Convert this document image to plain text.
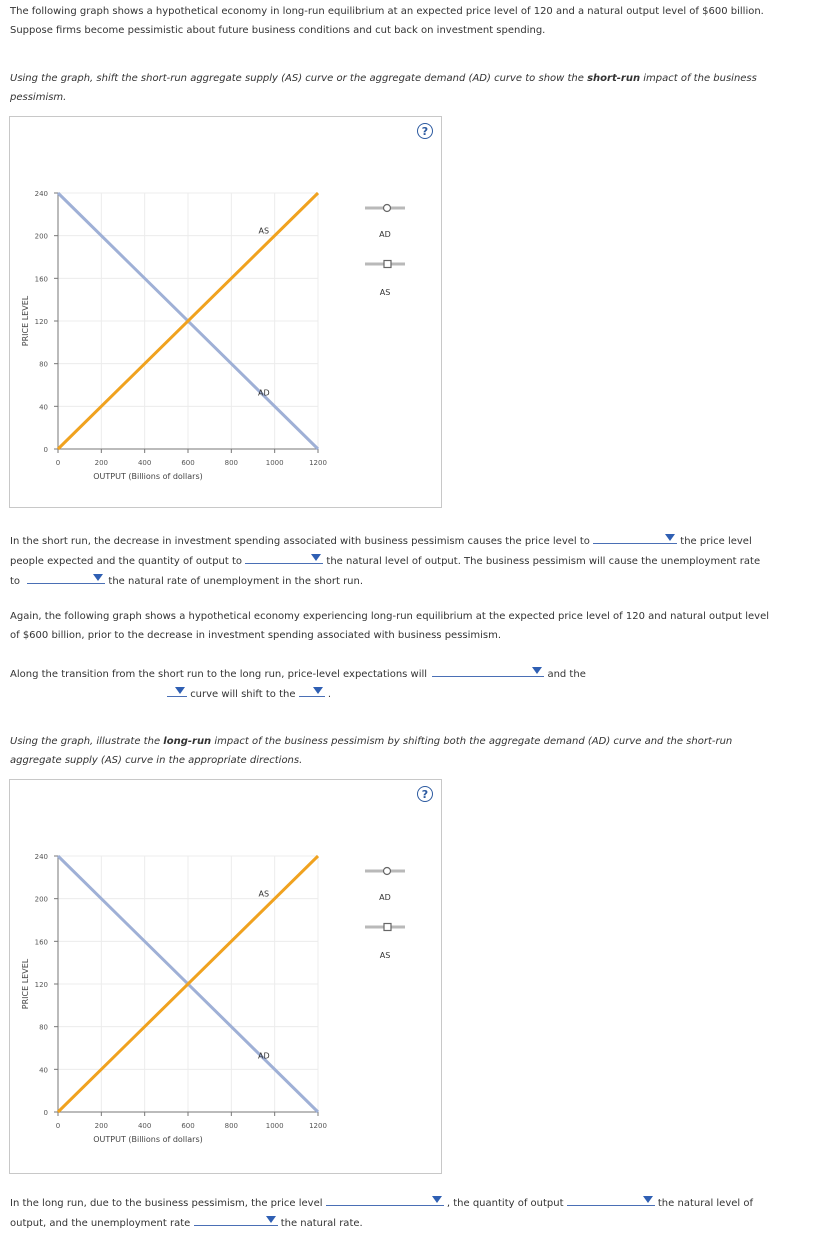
The following graph shows a hypothetical economy in long-run equilibrium at an expected price level of 120 and a natural output level of $600 billion.
Suppose firms become pessimistic about future business conditions and cut back on investment spending.
Using the graph, shift the short-run aggregate supply (AS) curve or the aggregate demand (AD) curve to show the short-run impact of the business
pessimism.
?
0
40
80
120
160
200
240
0	200	400	600	800	1000	1200
OUTPUT (Billions of dollars)
PRICE LEVEL
AD
AS	AD
AS
In the short run, the decrease in investment spending associated with business pessimism causes the price level to	the price level
people expected and the quantity of output to	the natural level of output. The business pessimism will cause the unemployment rate
to	the natural rate of unemployment in the short run.
Again, the following graph shows a hypothetical economy experiencing long-run equilibrium at the expected price level of 120 and natural output level
of $600 billion, prior to the decrease in investment spending associated with business pessimism.
Along the transition from the short run to the long run, price-level expectations will	and the
curve will shift to the	.
Using the graph, illustrate the long-run impact of the business pessimism by shifting both the aggregate demand (AD) curve and the short-run
aggregate supply (AS) curve in the appropriate directions.
?
0
40
80
120
160
200
240
0	200	400	600	800	1000	1200
OUTPUT (Billions of dollars)
PRICE LEVEL
AD
AS	AD
AS
In the long run, due to the business pessimism, the price level	, the quantity of output	the natural level of
output, and the unemployment rate	the natural rate.
